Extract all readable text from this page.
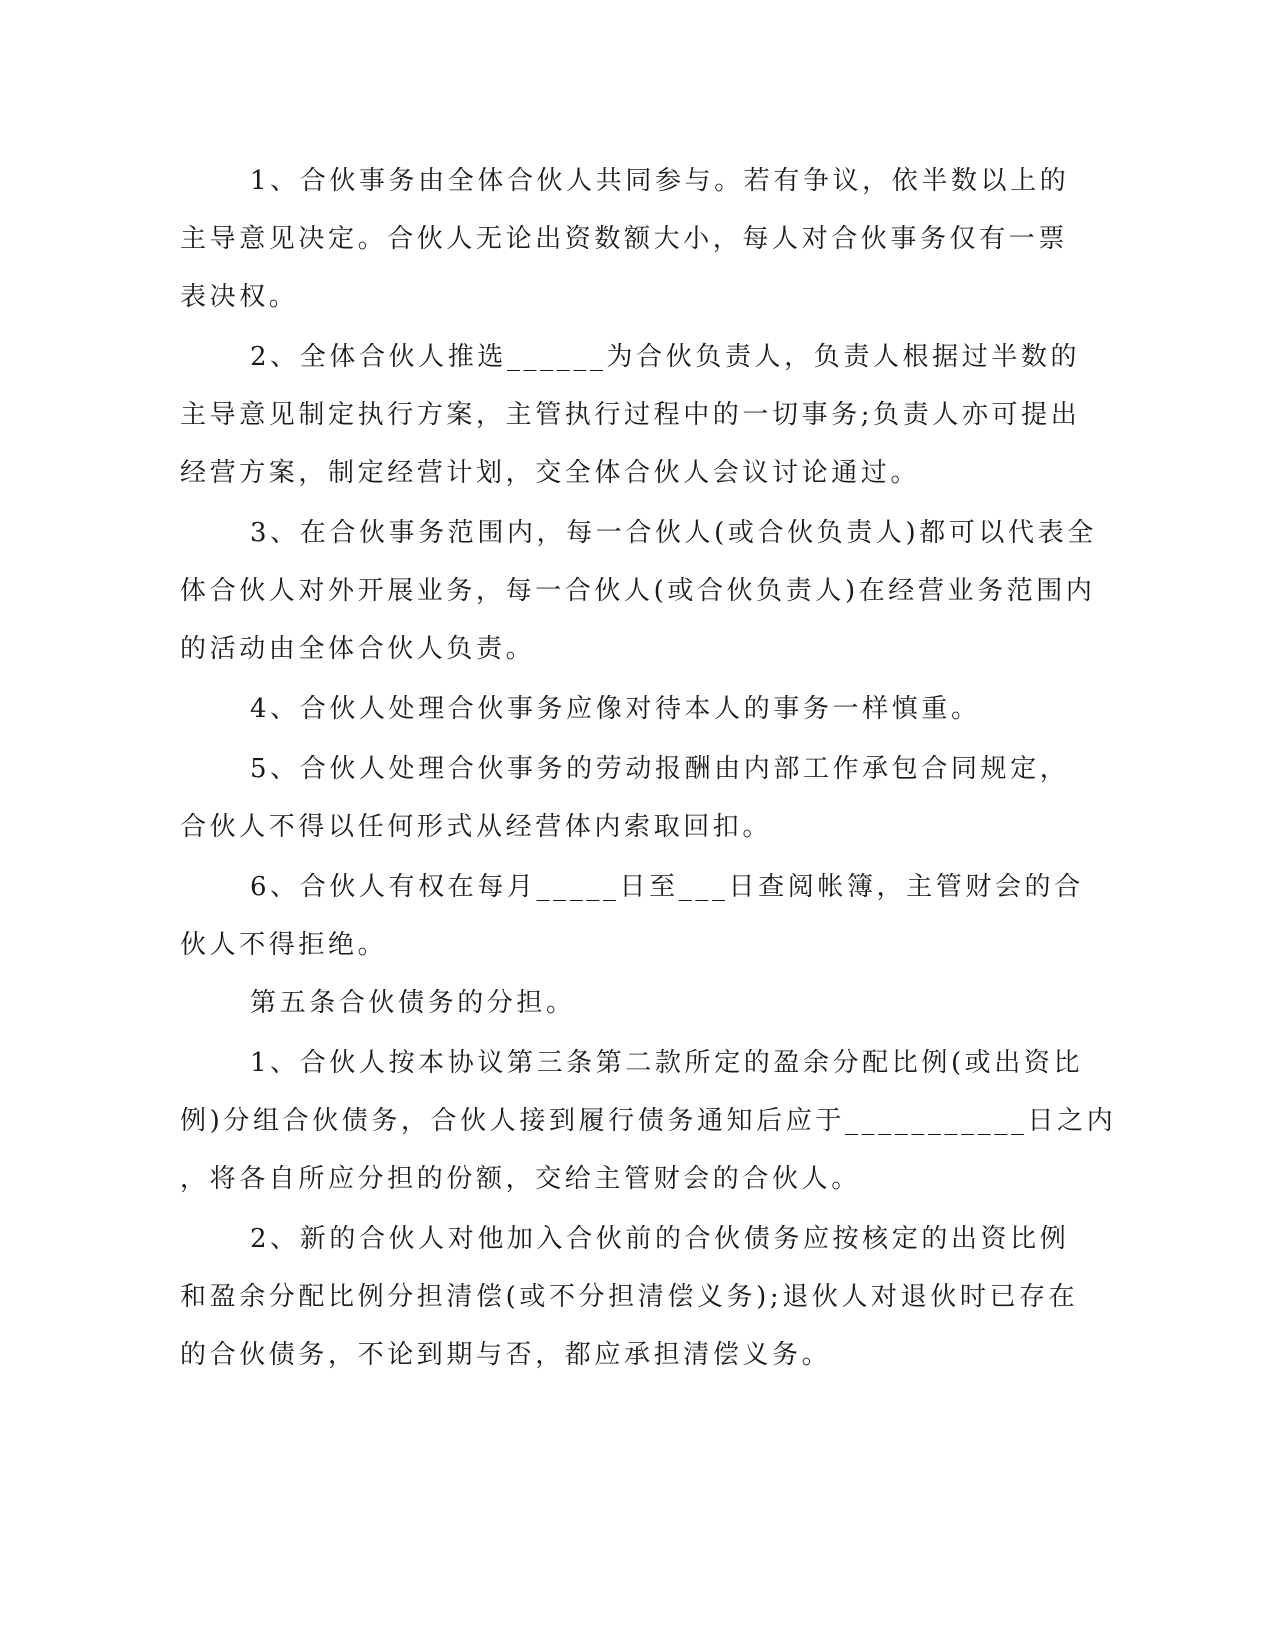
1、合伙事务由全体合伙人共同参与。若有争议，依半数以上的
主导意见决定。合伙人无论出资数额大小，每人对合伙事务仅有一票
表决权。
2、全体合伙人推选______为合伙负责人，负责人根据过半数的
主导意见制定执行方案，主管执行过程中的一切事务;负责人亦可提出
经营方案，制定经营计划，交全体合伙人会议讨论通过。
3、在合伙事务范围内，每一合伙人(或合伙负责人)都可以代表全
体合伙人对外开展业务，每一合伙人(或合伙负责人)在经营业务范围内
的活动由全体合伙人负责。
4、合伙人处理合伙事务应像对待本人的事务一样慎重。
5、合伙人处理合伙事务的劳动报酬由内部工作承包合同规定，
合伙人不得以任何形式从经营体内索取回扣。
6、合伙人有权在每月_____日至___日查阅帐簿，主管财会的合
伙人不得拒绝。
第五条合伙债务的分担。
1、合伙人按本协议第三条第二款所定的盈余分配比例(或出资比
例)分组合伙债务，合伙人接到履行债务通知后应于___________日之内
，将各自所应分担的份额，交给主管财会的合伙人。
2、新的合伙人对他加入合伙前的合伙债务应按核定的出资比例
和盈余分配比例分担清偿(或不分担清偿义务);退伙人对退伙时已存在
的合伙债务，不论到期与否，都应承担清偿义务。
